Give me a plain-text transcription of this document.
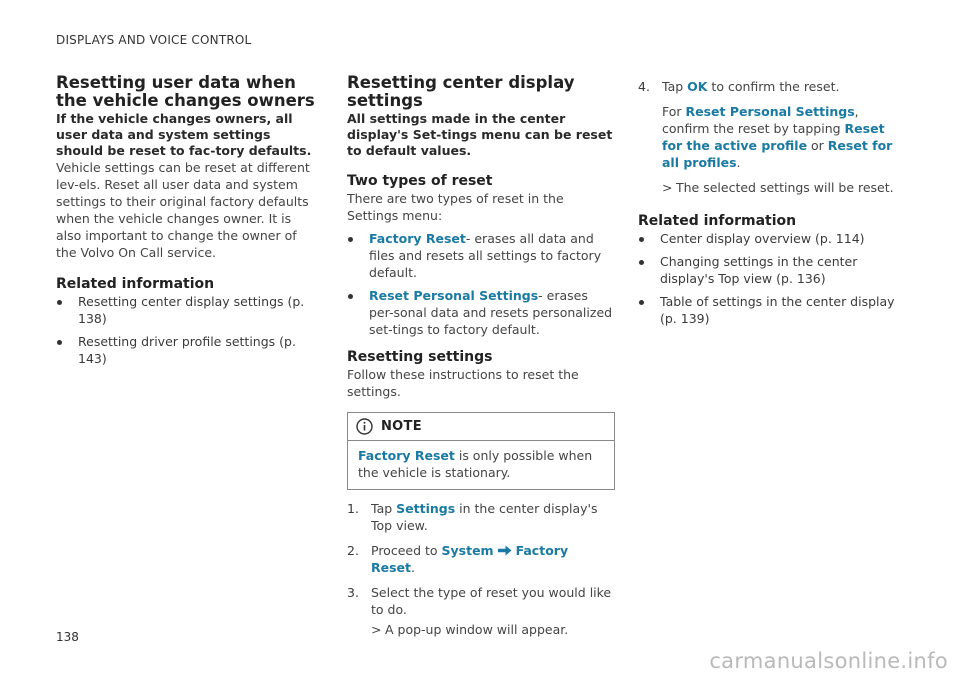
DISPLAYS AND VOICE CONTROL
Resetting user data when the vehicle changes owners

If the vehicle changes owners, all user data and system settings should be reset to fac-tory defaults.

Vehicle settings can be reset at different lev-els. Reset all user data and system settings to their original factory defaults when the vehicle changes owner. It is also important to change the owner of the Volvo On Call service.

Related information
Resetting center display settings (p. 138)
Resetting driver profile settings (p. 143)
Resetting center display settings

All settings made in the center display's Set-tings menu can be reset to default values.

Two types of reset

There are two types of reset in the Settings menu:

Factory Reset- erases all data and files and resets all settings to factory default.
Reset Personal Settings- erases per-sonal data and resets personalized set-tings to factory default.
Resetting settings

Follow these instructions to reset the settings.

NOTE
Factory Reset is only possible when the vehicle is stationary.
1. Tap Settings in the center display's Top view.
2. Proceed to System Factory Reset.
3. Select the type of reset you would like to do.
> A pop-up window will appear.
4. Tap OK to confirm the reset.
For Reset Personal Settings, confirm the reset by tapping Reset for the active profile or Reset for all profiles.
> The selected settings will be reset.
Related information
Center display overview (p. 114)
Changing settings in the center display's Top view (p. 136)
Table of settings in the center display (p. 139)
138
carmanualsonline.info
